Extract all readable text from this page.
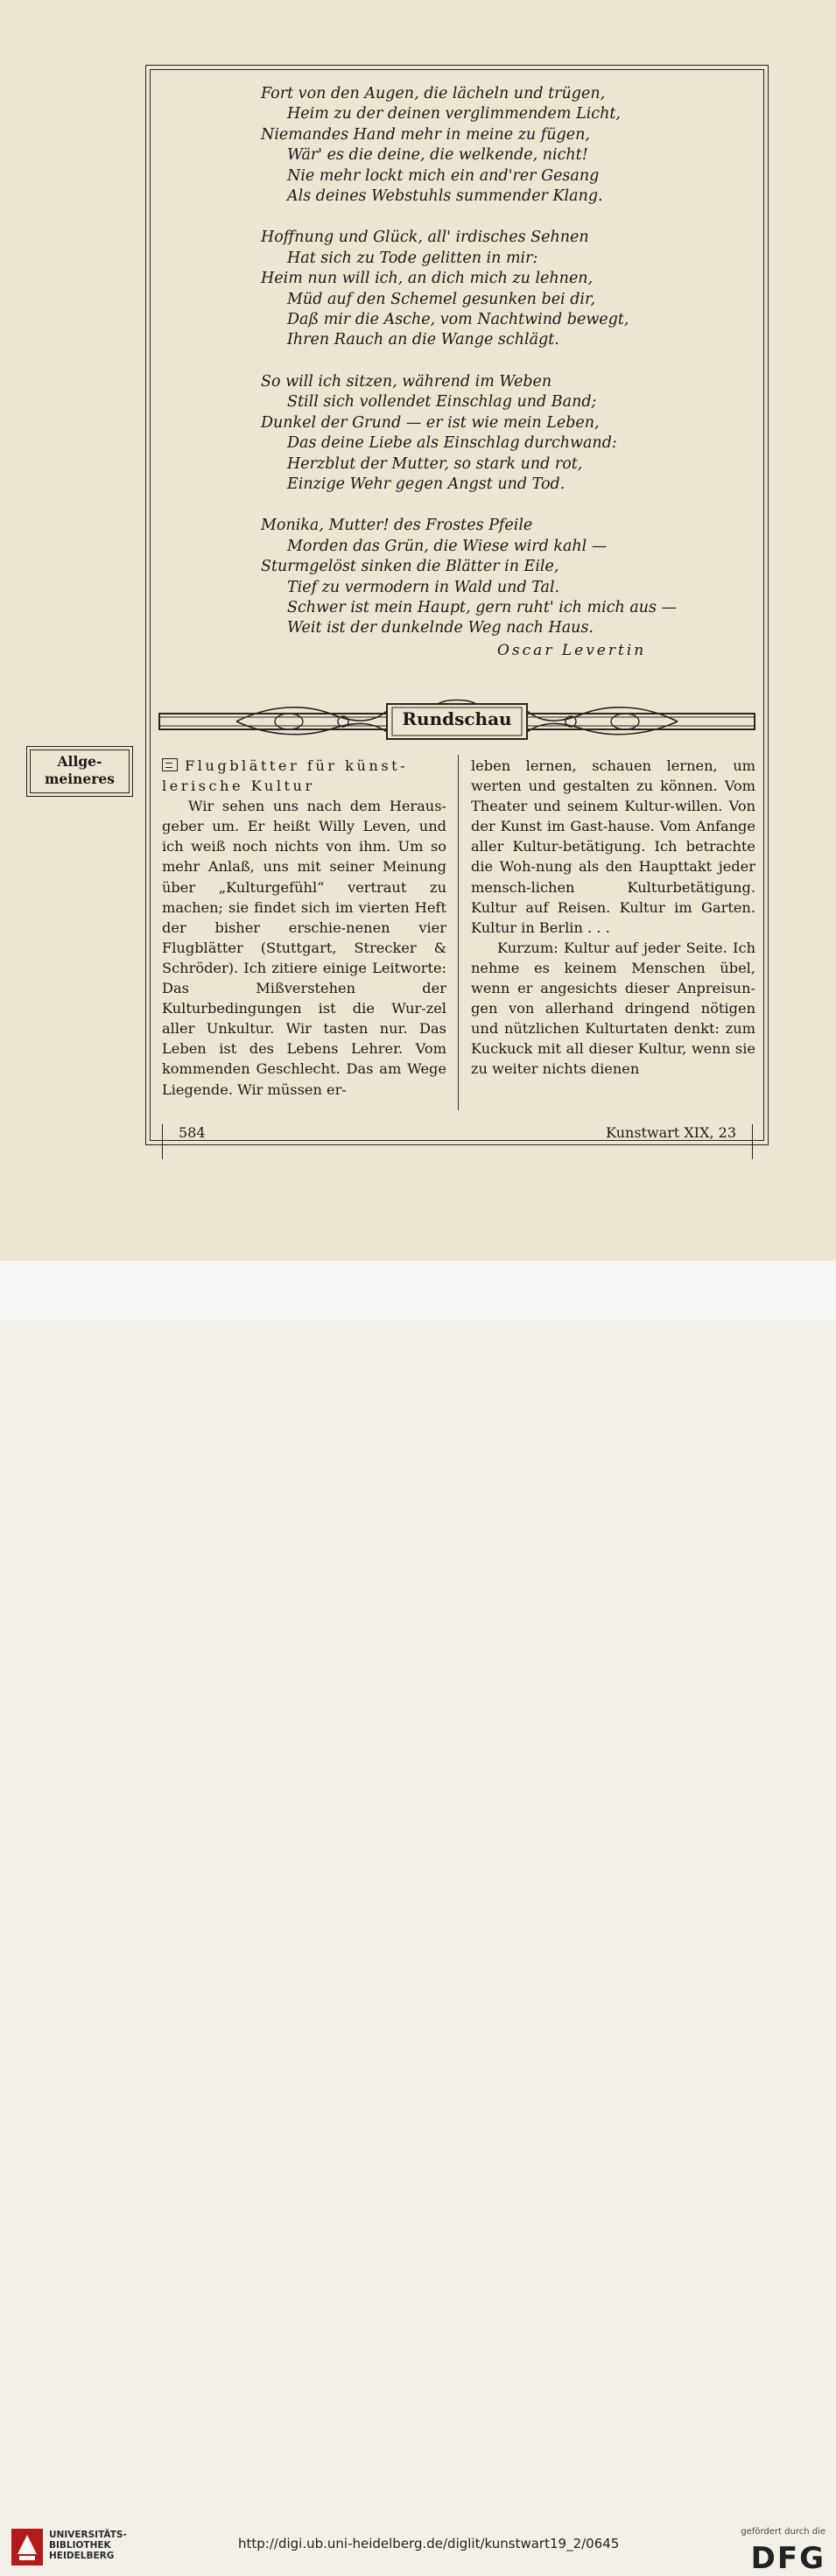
Fort von den Augen, die lächeln und trügen,
Heim zu der deinen verglimmendem Licht,
Niemandes Hand mehr in meine zu fügen,
Wär' es die deine, die welkende, nicht!
Nie mehr lockt mich ein and'rer Gesang
Als deines Webstuhls summender Klang.
Hoffnung und Glück, all' irdisches Sehnen
Hat sich zu Tode gelitten in mir:
Heim nun will ich, an dich mich zu lehnen,
Müd auf den Schemel gesunken bei dir,
Daß mir die Asche, vom Nachtwind bewegt,
Ihren Rauch an die Wange schlägt.
So will ich sitzen, während im Weben
Still sich vollendet Einschlag und Band;
Dunkel der Grund — er ist wie mein Leben,
Das deine Liebe als Einschlag durchwand:
Herzblut der Mutter, so stark und rot,
Einzige Wehr gegen Angst und Tod.
Monika, Mutter! des Frostes Pfeile
Morden das Grün, die Wiese wird kahl —
Sturmgelöst sinken die Blätter in Eile,
Tief zu vermodern in Wald und Tal.
Schwer ist mein Haupt, gern ruht' ich mich aus —
Weit ist der dunkelnde Weg nach Haus.
Oscar Levertin
Rundschau
Allge-
meineres

Flugblätter für künst-
lerische Kultur

Wir sehen uns nach dem Heraus-geber um. Er heißt Willy Leven, und ich weiß noch nichts von ihm. Um so mehr Anlaß, uns mit seiner Meinung über „Kulturgefühl“ vertraut zu machen; sie findet sich im vierten Heft der bisher erschie-nenen vier Flugblätter (Stuttgart, Strecker & Schröder). Ich zitiere einige Leitworte: Das Mißverstehen der Kulturbedingungen ist die Wur-zel aller Unkultur. Wir tasten nur. Das Leben ist des Lebens Lehrer. Vom kommenden Geschlecht. Das am Wege Liegende. Wir müssen er-

leben lernen, schauen lernen, um werten und gestalten zu können. Vom Theater und seinem Kultur-willen. Von der Kunst im Gast-hause. Vom Anfange aller Kultur-betätigung. Ich betrachte die Woh-nung als den Haupttakt jeder mensch-lichen Kulturbetätigung. Kultur auf Reisen. Kultur im Garten. Kultur in Berlin . . .

Kurzum: Kultur auf jeder Seite. Ich nehme es keinem Menschen übel, wenn er angesichts dieser Anpreisun-gen von allerhand dringend nötigen und nützlichen Kulturtaten denkt: zum Kuckuck mit all dieser Kultur, wenn sie zu weiter nichts dienen

584	Kunstwart XIX, 23
UNIVERSITÄTS-
BIBLIOTHEK
HEIDELBERG
http://digi.ub.uni-heidelberg.de/diglit/kunstwart19_2/0645
gefördert durch die
DFG
